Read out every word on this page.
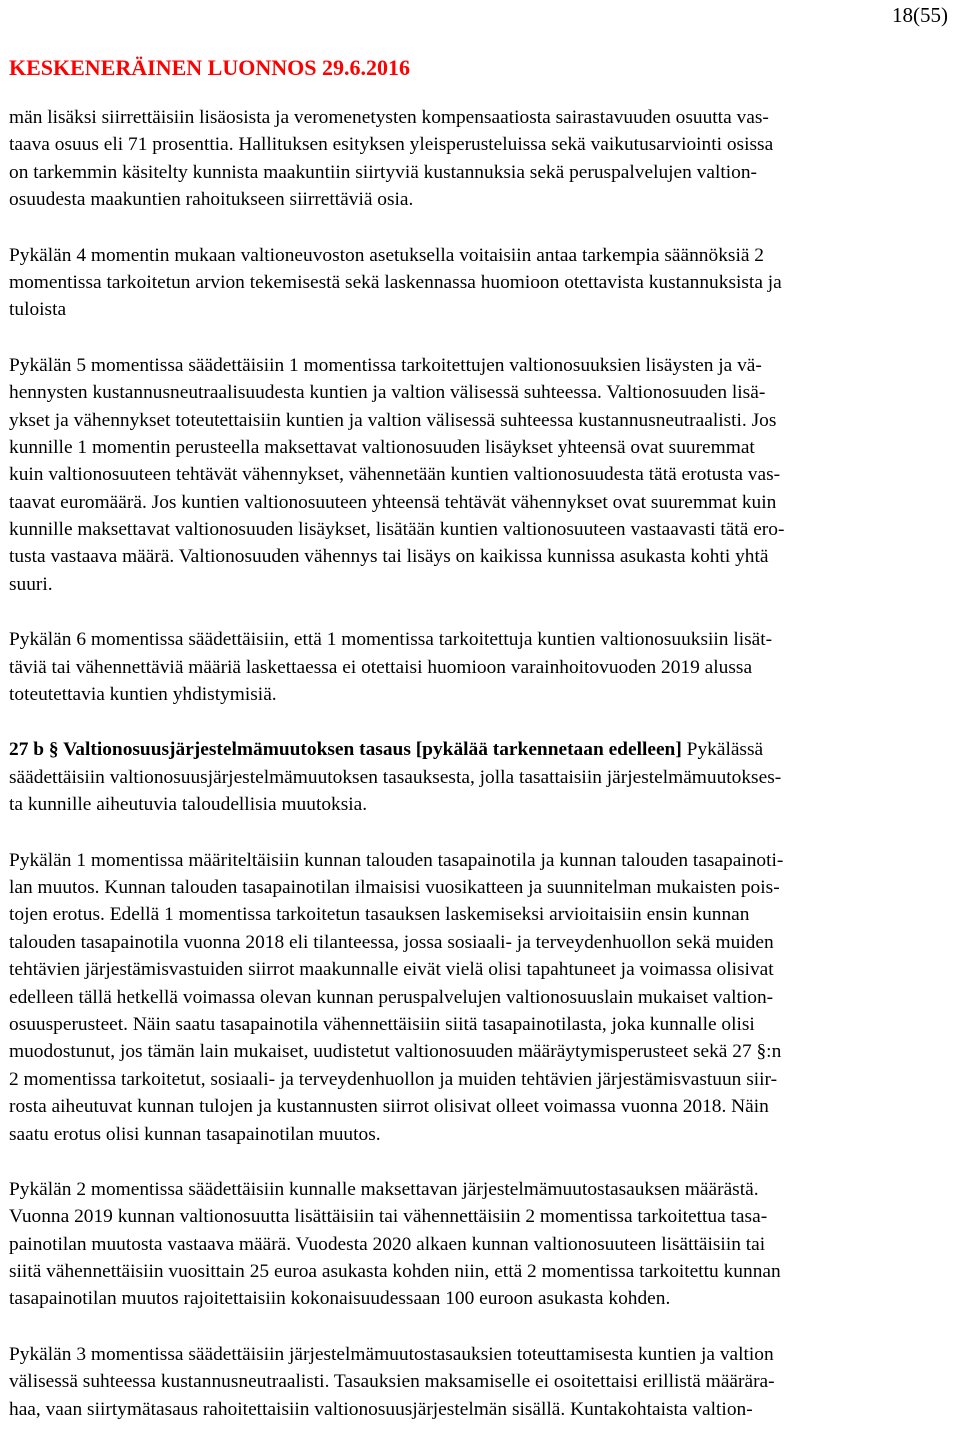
18(55)
KESKENERÄINEN LUONNOS 29.6.2016
män lisäksi siirrettäisiin lisäosista ja veromenetysten kompensaatiosta sairastavuuden osuutta vas-
taava osuus eli 71 prosenttia. Hallituksen esityksen yleisperusteluissa sekä vaikutusarviointi osissa
on tarkemmin käsitelty kunnista maakuntiin siirtyviä kustannuksia sekä peruspalvelujen valtion-
osuudesta maakuntien rahoitukseen siirrettäviä osia.
Pykälän 4 momentin mukaan valtioneuvoston asetuksella voitaisiin antaa tarkempia säännöksiä 2
momentissa tarkoitetun arvion tekemisestä sekä laskennassa huomioon otettavista kustannuksista ja
tuloista
Pykälän 5 momentissa säädettäisiin 1 momentissa tarkoitettujen valtionosuuksien lisäysten ja vä-
hennysten kustannusneutraalisuudesta kuntien ja valtion välisessä suhteessa. Valtionosuuden lisä-
ykset ja vähennykset toteutettaisiin kuntien ja valtion välisessä suhteessa kustannusneutraalisti. Jos
kunnille 1 momentin perusteella maksettavat valtionosuuden lisäykset yhteensä ovat suuremmat
kuin valtionosuuteen tehtävät vähennykset, vähennetään kuntien valtionosuudesta tätä erotusta vas-
taavat euromäärä. Jos kuntien valtionosuuteen yhteensä tehtävät vähennykset ovat suuremmat kuin
kunnille maksettavat valtionosuuden lisäykset, lisätään kuntien valtionosuuteen vastaavasti tätä ero-
tusta vastaava määrä. Valtionosuuden vähennys tai lisäys on kaikissa kunnissa asukasta kohti yhtä
suuri.
Pykälän 6 momentissa säädettäisiin, että 1 momentissa tarkoitettuja kuntien valtionosuuksiin lisät-
täviä tai vähennettäviä määriä laskettaessa ei otettaisi huomioon varainhoitovuoden 2019 alussa
toteutettavia kuntien yhdistymisiä.
27 b § Valtionosuusjärjestelmämuutoksen tasaus [pykälää tarkennetaan edelleen] Pykälässä
säädettäisiin valtionosuusjärjestelmämuutoksen tasauksesta, jolla tasattaisiin järjestelmämuutokses-
ta kunnille aiheutuvia taloudellisia muutoksia.
Pykälän 1 momentissa määriteltäisiin kunnan talouden tasapainotila ja kunnan talouden tasapainoti-
lan muutos. Kunnan talouden tasapainotilan ilmaisisi vuosikatteen ja suunnitelman mukaisten pois-
tojen erotus. Edellä 1 momentissa tarkoitetun tasauksen laskemiseksi arvioitaisiin ensin kunnan
talouden tasapainotila vuonna 2018 eli tilanteessa, jossa sosiaali- ja terveydenhuollon sekä muiden
tehtävien järjestämisvastuiden siirrot maakunnalle eivät vielä olisi tapahtuneet ja voimassa olisivat
edelleen tällä hetkellä voimassa olevan kunnan peruspalvelujen valtionosuuslain mukaiset valtion-
osuusperusteet. Näin saatu tasapainotila vähennettäisiin siitä tasapainotilasta, joka kunnalle olisi
muodostunut, jos tämän lain mukaiset, uudistetut valtionosuuden määräytymisperusteet sekä 27 §:n
2 momentissa tarkoitetut, sosiaali- ja terveydenhuollon ja muiden tehtävien järjestämisvastuun siir-
rosta aiheutuvat kunnan tulojen ja kustannusten siirrot olisivat olleet voimassa vuonna 2018. Näin
saatu erotus olisi kunnan tasapainotilan muutos.
Pykälän 2 momentissa säädettäisiin kunnalle maksettavan järjestelmämuutostasauksen määrästä.
Vuonna 2019 kunnan valtionosuutta lisättäisiin tai vähennettäisiin 2 momentissa tarkoitettua tasa-
painotilan muutosta vastaava määrä. Vuodesta 2020 alkaen kunnan valtionosuuteen lisättäisiin tai
siitä vähennettäisiin vuosittain 25 euroa asukasta kohden niin, että 2 momentissa tarkoitettu kunnan
tasapainotilan muutos rajoitettaisiin kokonaisuudessaan 100 euroon asukasta kohden.
Pykälän 3 momentissa säädettäisiin järjestelmämuutostasauksien toteuttamisesta kuntien ja valtion
välisessä suhteessa kustannusneutraalisti. Tasauksien maksamiselle ei osoitettaisi erillistä määrära-
haa, vaan siirtymätasaus rahoitettaisiin valtionosuusjärjestelmän sisällä. Kuntakohtaista valtion-
